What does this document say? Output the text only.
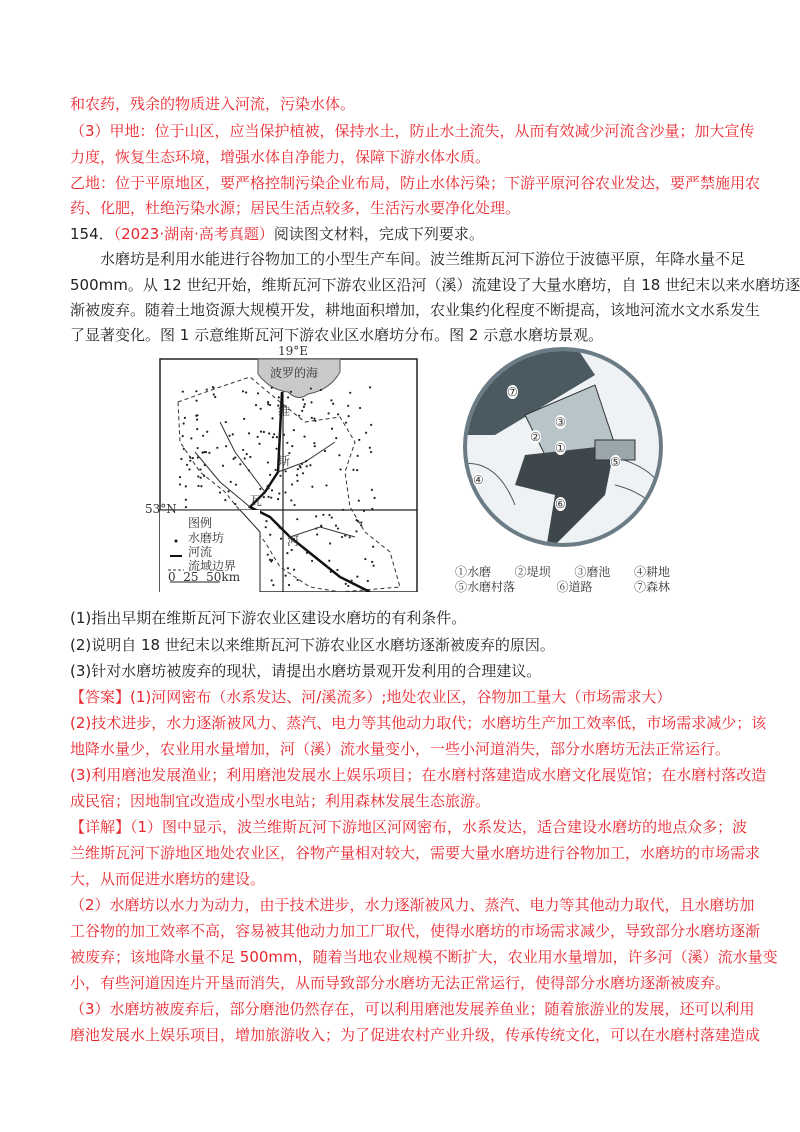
和农药，残余的物质进入河流，污染水体。
（3）甲地：位于山区，应当保护植被，保持水土，防止水土流失，从而有效减少河流含沙量；加大宣传
力度，恢复生态环境，增强水体自净能力，保障下游水体水质。
乙地：位于平原地区，要严格控制污染企业布局，防止水体污染；下游平原河谷农业发达，要严禁施用农
药、化肥，杜绝污染水源；居民生活点较多，生活污水要净化处理。
154．（2023·湖南·高考真题）阅读图文材料，完成下列要求。
水磨坊是利用水能进行谷物加工的小型生产车间。波兰维斯瓦河下游位于波德平原，年降水量不足
500mm。从 12 世纪开始，维斯瓦河下游农业区沿河（溪）流建设了大量水磨坊，自 18 世纪末以来水磨坊逐
渐被废弃。随着土地资源大规模开发，耕地面积增加，农业集约化程度不断提高，该地河流水文水系发生
了显著变化。图 1 示意维斯瓦河下游农业区水磨坊分布。图 2 示意水磨坊景观。
19°E
53°N
波罗的海
维
斯
瓦
河
图例
水磨坊
河流
流域边界
0  25  50km
①
②
③
④
⑤
⑥
⑦
①水磨 ②堤坝 ③磨池 ④耕地
⑤水磨村落	⑥道路	⑦森林
(1)指出早期在维斯瓦河下游农业区建设水磨坊的有利条件。
(2)说明自 18 世纪末以来维斯瓦河下游农业区水磨坊逐渐被废弃的原因。
(3)针对水磨坊被废弃的现状，请提出水磨坊景观开发利用的合理建议。
【答案】(1)河网密布（水系发达、河/溪流多）;地处农业区，谷物加工量大（市场需求大）
(2)技术进步，水力逐渐被风力、蒸汽、电力等其他动力取代；水磨坊生产加工效率低，市场需求减少；该
地降水量少，农业用水量增加，河（溪）流水量变小，一些小河道消失，部分水磨坊无法正常运行。
(3)利用磨池发展渔业；利用磨池发展水上娱乐项目；在水磨村落建造成水磨文化展览馆；在水磨村落改造
成民宿；因地制宜改造成小型水电站；利用森林发展生态旅游。
【详解】（1）图中显示，波兰维斯瓦河下游地区河网密布，水系发达，适合建设水磨坊的地点众多；波
兰维斯瓦河下游地区地处农业区，谷物产量相对较大，需要大量水磨坊进行谷物加工，水磨坊的市场需求
大，从而促进水磨坊的建设。
（2）水磨坊以水力为动力，由于技术进步，水力逐渐被风力、蒸汽、电力等其他动力取代，且水磨坊加
工谷物的加工效率不高，容易被其他动力加工厂取代，使得水磨坊的市场需求减少，导致部分水磨坊逐渐
被废弃；该地降水量不足 500mm，随着当地农业规模不断扩大，农业用水量增加，许多河（溪）流水量变
小，有些河道因连片开垦而消失，从而导致部分水磨坊无法正常运行，使得部分水磨坊逐渐被废弃。
（3）水磨坊被废弃后，部分磨池仍然存在，可以利用磨池发展养鱼业；随着旅游业的发展，还可以利用
磨池发展水上娱乐项目，增加旅游收入；为了促进农村产业升级，传承传统文化，可以在水磨村落建造成
